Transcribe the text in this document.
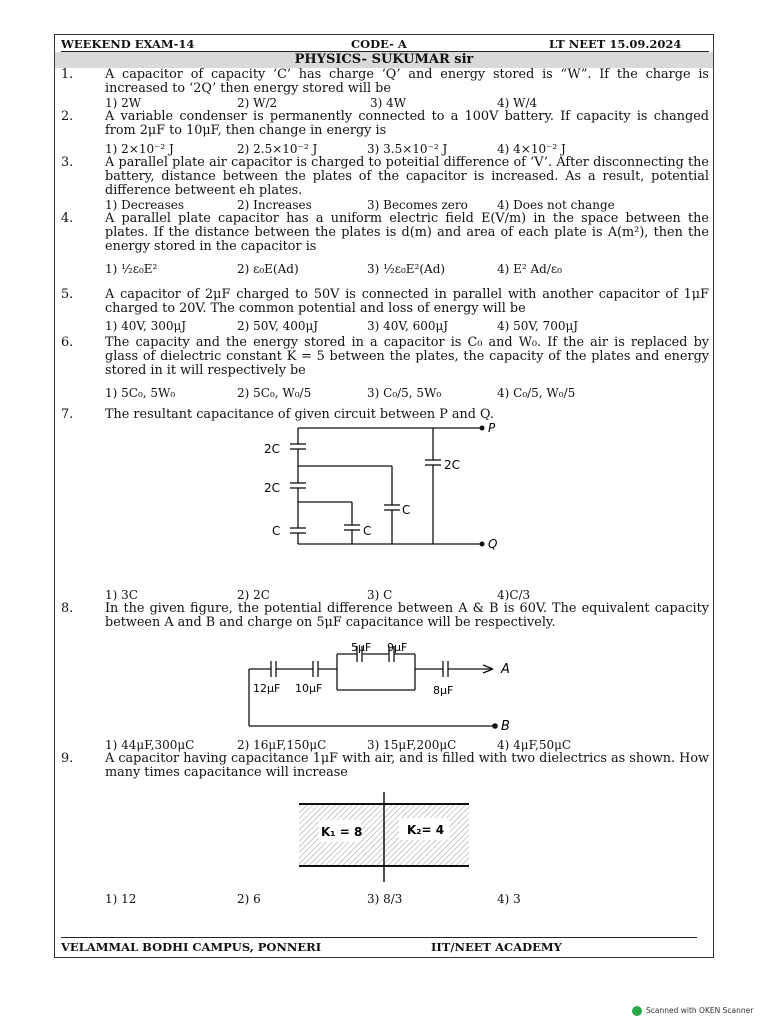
WEEKEND EXAM-14	CODE- A	LT NEET 15.09.2024
PHYSICS- SUKUMAR sir
1.	A capacitor of capacity ‘C’ has charge ‘Q’ and energy stored is “W”. If the charge is increased to ‘2Q’ then energy stored will be
1) 2W	2) W/2	3) 4W	4) W/4
2.	A variable condenser is permanently connected to a 100V battery. If capacity is changed from 2μF to 10μF, then change in energy is
1) 2×10⁻² J	2) 2.5×10⁻² J	3) 3.5×10⁻² J	4) 4×10⁻² J
3.	A parallel plate air capacitor is charged to poteitial difference of ‘V’. After disconnecting the battery, distance between the plates of the capacitor is increased. As a result, potential difference betweent eh plates.
1) Decreases	2) Increases	3) Becomes zero 4) Does not change
4.	A parallel plate capacitor has a uniform electric field E(V/m) in the space between the plates. If the distance between the plates is d(m) and area of each plate is A(m²), then the energy stored in the capacitor is
1) ½ε₀E²	2) ε₀E(Ad)	3) ½ε₀E²(Ad)	4) E² Ad/ε₀
5.	A capacitor of 2μF charged to 50V is connected in parallel with another capacitor of 1μF charged to 20V. The common potential and loss of energy will be
1) 40V, 300μJ	2) 50V, 400μJ	3) 40V, 600μJ	4) 50V, 700μJ
6.	The capacity and the energy stored in a capacitor is C₀ and W₀. If the air is replaced by glass of dielectric constant K = 5 between the plates, the capacity of the plates and energy stored in it will respectively be
1) 5C₀, 5W₀	2) 5C₀, W₀/5	3) C₀/5, 5W₀	4) C₀/5, W₀/5
7.	The resultant capacitance of given circuit between P and Q.
2C
2C
C	C
C
2C
P
Q
1) 3C	2) 2C	3) C	4)C/3
8.	In the given figure, the potential difference between A & B is 60V. The equivalent capacity between A and B and charge on 5μF capacitance will be respectively.
5μF 9μF
12μF 10μF	8μF
A
B
1) 44μF,300μC	2) 16μF,150μC	3) 15μF,200μC	4) 4μF,50μC
9.	A capacitor having capacitance 1μF with air, and is filled with two dielectrics as shown. How many times capacitance will increase
K₁ = 8	K₂= 4
1) 12	2) 6	3) 8/3	4) 3
VELAMMAL BODHI CAMPUS, PONNERI	IIT/NEET ACADEMY
Scanned with OKEN Scanner
